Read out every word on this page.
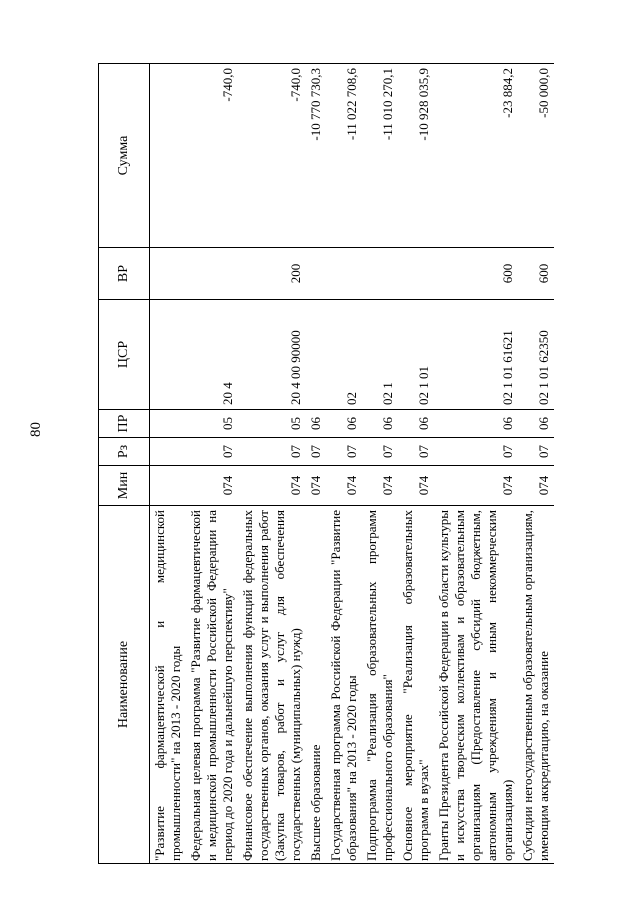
80
Наименование	Мин	Рз	ПР	ЦСР	ВР	Сумма
"Развитие фармацевтической и медицинской промышленности" на 2013 - 2020 годы						
Федеральная целевая программа "Развитие фармацевтической и медицинской промышленности Российской Федерации на период до 2020 года и дальнейшую перспективу"	074	07	05	20 4		-740,0
Финансовое обеспечение выполнения функций федеральных государственных органов, оказания услуг и выполнения работ (Закупка товаров, работ и услуг для обеспечения государственных (муниципальных) нужд)	074	07	05	20 4 00 90000	200	-740,0
Высшее образование	074	07	06			-10 770 730,3
Государственная программа Российской Федерации "Развитие образования" на 2013 - 2020 годы	074	07	06	02		-11 022 708,6
Подпрограмма "Реализация образовательных программ профессионального образования"	074	07	06	02 1		-11 010 270,1
Основное мероприятие "Реализация образовательных программ в вузах"	074	07	06	02 1 01		-10 928 035,9
Гранты Президента Российской Федерации в области культуры и искусства творческим коллективам и образовательным организациям (Предоставление субсидий бюджетным, автономным учреждениям и иным некоммерческим организациям)	074	07	06	02 1 01 61621	600	-23 884,2
Субсидии негосударственным образовательным организациям, имеющим аккредитацию, на оказание	074	07	06	02 1 01 62350	600	-50 000,0
